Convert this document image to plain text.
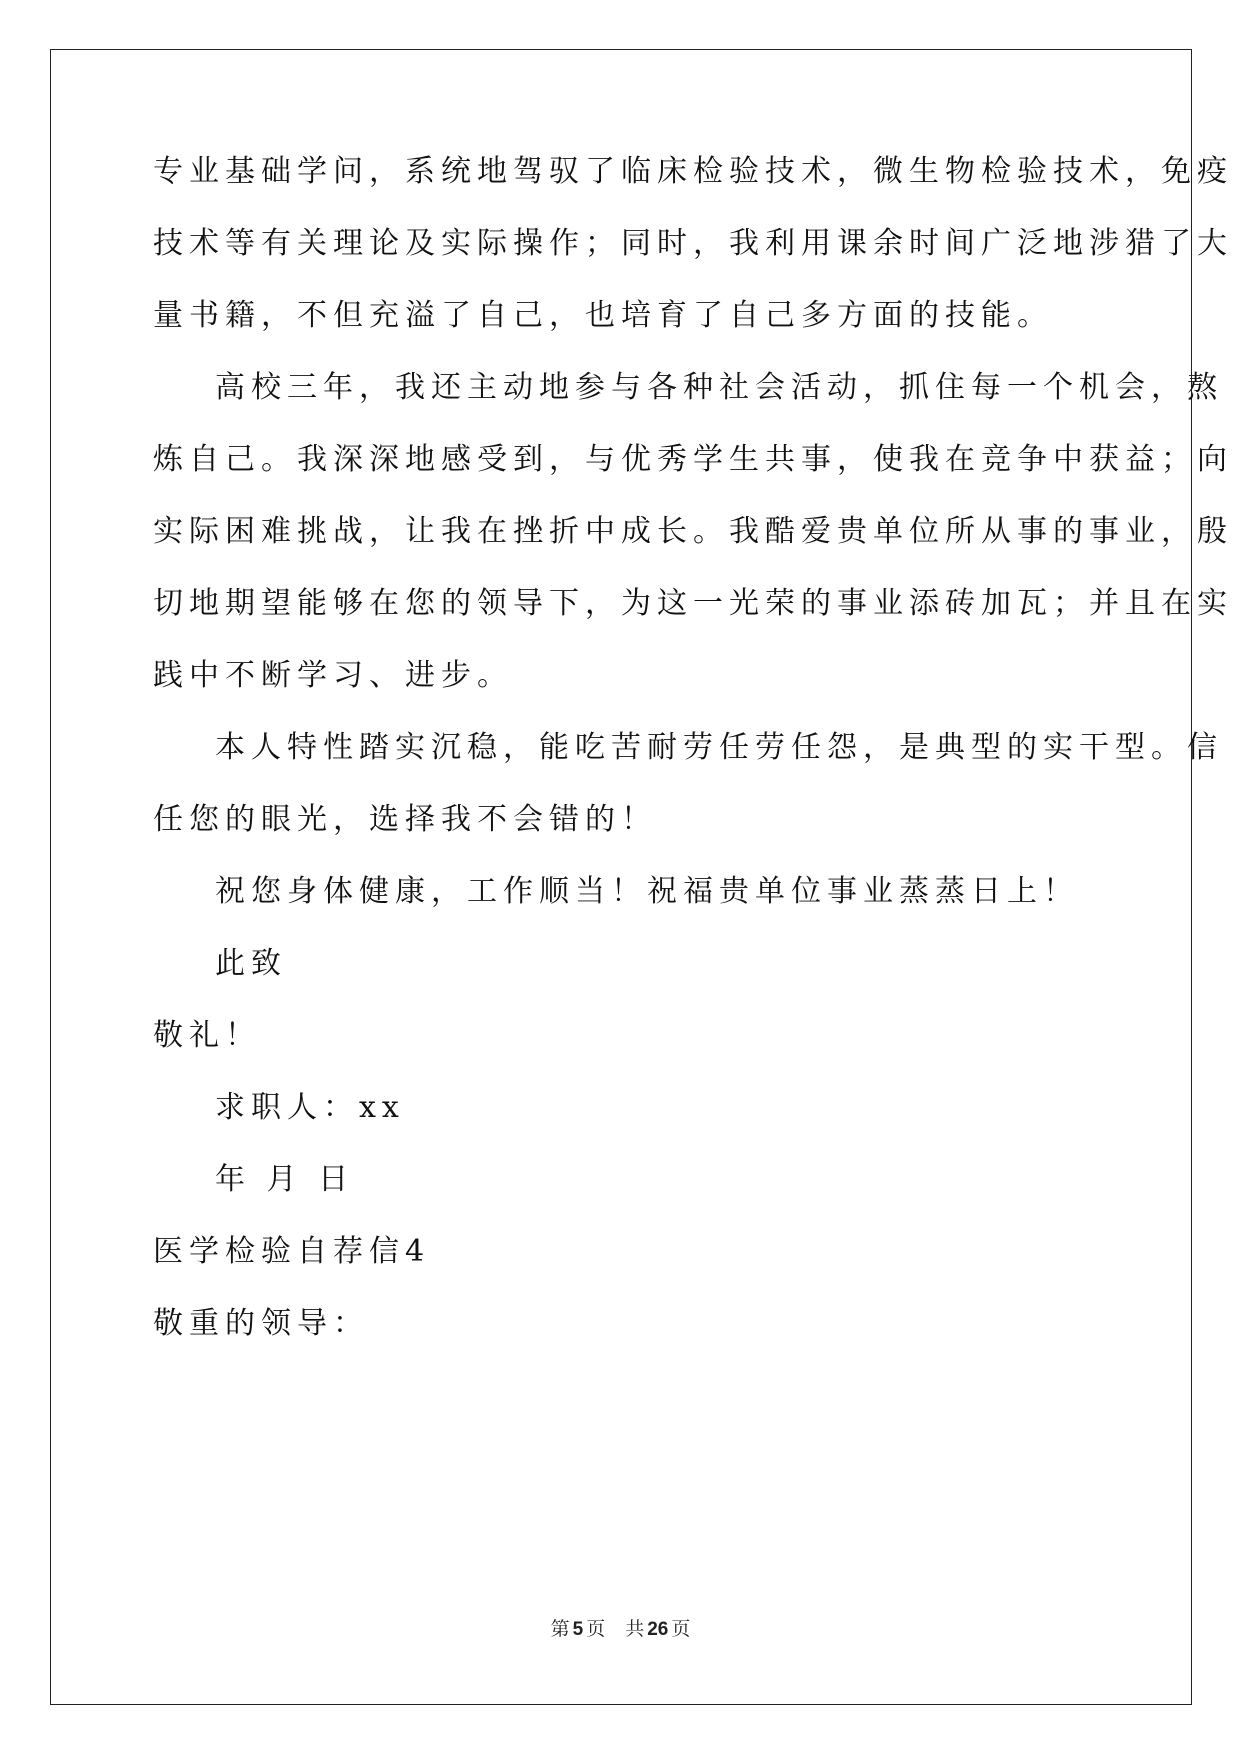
专业基础学问，系统地驾驭了临床检验技术，微生物检验技术，免疫
技术等有关理论及实际操作；同时，我利用课余时间广泛地涉猎了大
量书籍，不但充溢了自己，也培育了自己多方面的技能。
高校三年，我还主动地参与各种社会活动，抓住每一个机会，熬
炼自己。我深深地感受到，与优秀学生共事，使我在竞争中获益；向
实际困难挑战，让我在挫折中成长。我酷爱贵单位所从事的事业，殷
切地期望能够在您的领导下，为这一光荣的事业添砖加瓦；并且在实
践中不断学习、进步。
本人特性踏实沉稳，能吃苦耐劳任劳任怨，是典型的实干型。信
任您的眼光，选择我不会错的！
祝您身体健康，工作顺当！祝福贵单位事业蒸蒸日上！
此致
敬礼！
求职人：xx
年 月 日
医学检验自荐信4
敬重的领导：
第 5 页 共 26 页
